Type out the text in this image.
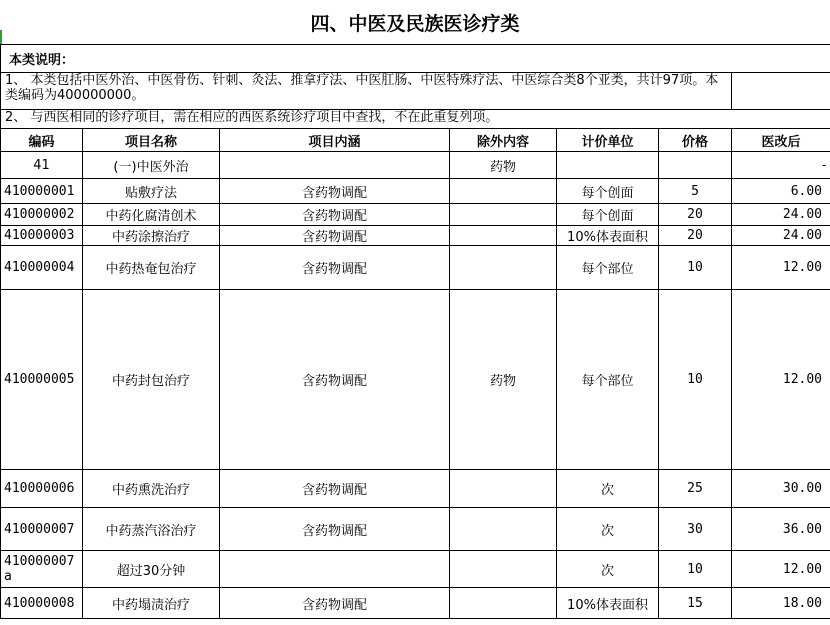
四、中医及民族医诊疗类
本类说明：						
1、 本类包括中医外治、中医骨伤、针刺、灸法、推拿疗法、中医肛肠、中医特殊疗法、中医综合类8个亚类，共计97项。本类编码为400000000。						
2、 与西医相同的诊疗项目，需在相应的西医系统诊疗项目中查找，不在此重复列项。						
编码	项目名称	项目内涵	除外内容	计价单位	价格	医改后
41	(一)中医外治		药物			-
410000001	贴敷疗法	含药物调配		每个创面	5	6.00
410000002	中药化腐清创术	含药物调配		每个创面	20	24.00
410000003	中药涂擦治疗	含药物调配		10%体表面积	20	24.00
410000004	中药热奄包治疗	含药物调配		每个部位	10	12.00
410000005	中药封包治疗	含药物调配	药物	每个部位	10	12.00
410000006	中药熏洗治疗	含药物调配		次	25	30.00
410000007	中药蒸汽浴治疗	含药物调配		次	30	36.00
410000007a	超过30分钟			次	10	12.00
410000008	中药塌渍治疗	含药物调配		10%体表面积	15	18.00
